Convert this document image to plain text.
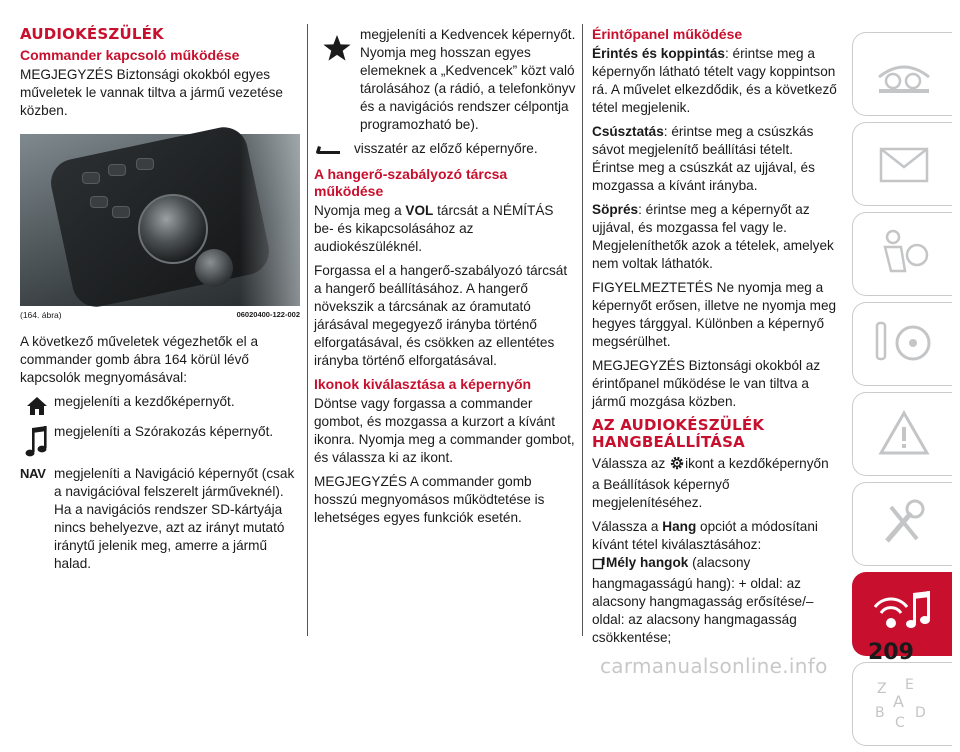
AUDIOKÉSZÜLÉK
Commander kapcsoló működése

MEGJEGYZÉS Biztonsági okokból egyes műveletek le vannak tiltva a jármű vezetése közben.

(164. ábra)	06020400-122-002

A következő műveletek végezhetők el a commander gomb ábra 164 körül lévő kapcsolók megnyomásával:

megjeleníti a kezdőképernyőt.
megjeleníti a Szórakozás képernyőt.
NAV megjeleníti a Navigáció képernyőt (csak a navigációval felszerelt járműveknél). Ha a navigációs rendszer SD-kártyája nincs behelyezve, azt az irányt mutató iránytű jelenik meg, amerre a jármű halad.
megjeleníti a Kedvencek képernyőt. Nyomja meg hosszan egyes elemeknek a „Kedvencek” közt való tárolásához (a rádió, a telefonkönyv és a navigációs rendszer célpontja programozható be).
visszatér az előző képernyőre.
A hangerő-szabályozó tárcsa működése

Nyomja meg a VOL tárcsát a NÉMÍTÁS be- és kikapcsolásához az audiokészüléknél.

Forgassa el a hangerő-szabályozó tárcsát a hangerő beállításához. A hangerő növekszik a tárcsának az óramutató járásával megegyező irányba történő elforgatásával, és csökken az ellentétes irányba történő elforgatásával.

Ikonok kiválasztása a képernyőn

Döntse vagy forgassa a commander gombot, és mozgassa a kurzort a kívánt ikonra. Nyomja meg a commander gombot, és válassza ki az ikont.

MEGJEGYZÉS A commander gomb hosszú megnyomásos működtetése is lehetséges egyes funkciók esetén.

Érintőpanel működése

Érintés és koppintás: érintse meg a képernyőn látható tételt vagy koppintson rá. A művelet elkezdődik, és a következő tétel megjelenik.

Csúsztatás: érintse meg a csúszkás sávot megjelenítő beállítási tételt. Érintse meg a csúszkát az ujjával, és mozgassa a kívánt irányba.

Söprés: érintse meg a képernyőt az ujjával, és mozgassa fel vagy le. Megjeleníthetők azok a tételek, amelyek nem voltak láthatók.

FIGYELMEZTETÉS Ne nyomja meg a képernyőt erősen, illetve ne nyomja meg hegyes tárggyal. Különben a képernyő megsérülhet.

MEGJEGYZÉS Biztonsági okokból az érintőpanel működése le van tiltva a jármű mozgása közben.

AZ AUDIOKÉSZÜLÉK HANGBEÁLLÍTÁSA

Válassza az ikont a kezdőképernyőn a Beállítások képernyő megjelenítéséhez.

Válassza a Hang opciót a módosítani kívánt tétel kiválasztásához:

Mély hangok (alacsony hangmagasságú hang): + oldal: az alacsony hangmagasság erősítése/– oldal: az alacsony hangmagasság csökkentése;

Z E
A
B D
C
209
carmanualsonline.info
